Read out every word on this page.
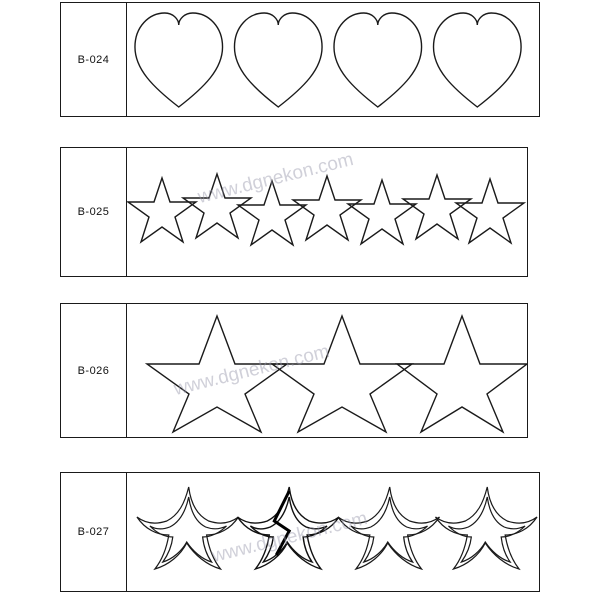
B-024
B-025
B-026
B-027
www.dgnekon.com
www.dgnekon.com
www.dgnekon.com
